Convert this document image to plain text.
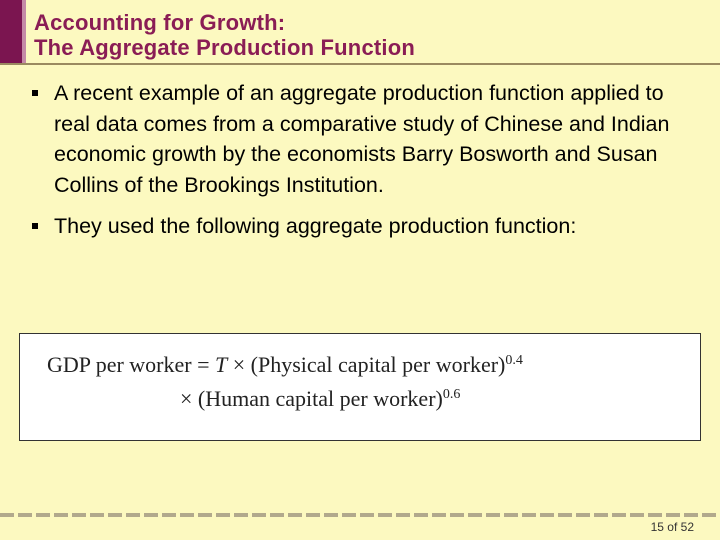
Accounting for Growth:
The Aggregate Production Function
A recent example of an aggregate production function applied to real data comes from a comparative study of Chinese and Indian economic growth by the economists Barry Bosworth and Susan Collins of the Brookings Institution.
They used the following aggregate production function:
GDP per worker = T × (Physical capital per worker)$^{0.4}$
× (Human capital per worker)$^{0.6}$
15 of 52
